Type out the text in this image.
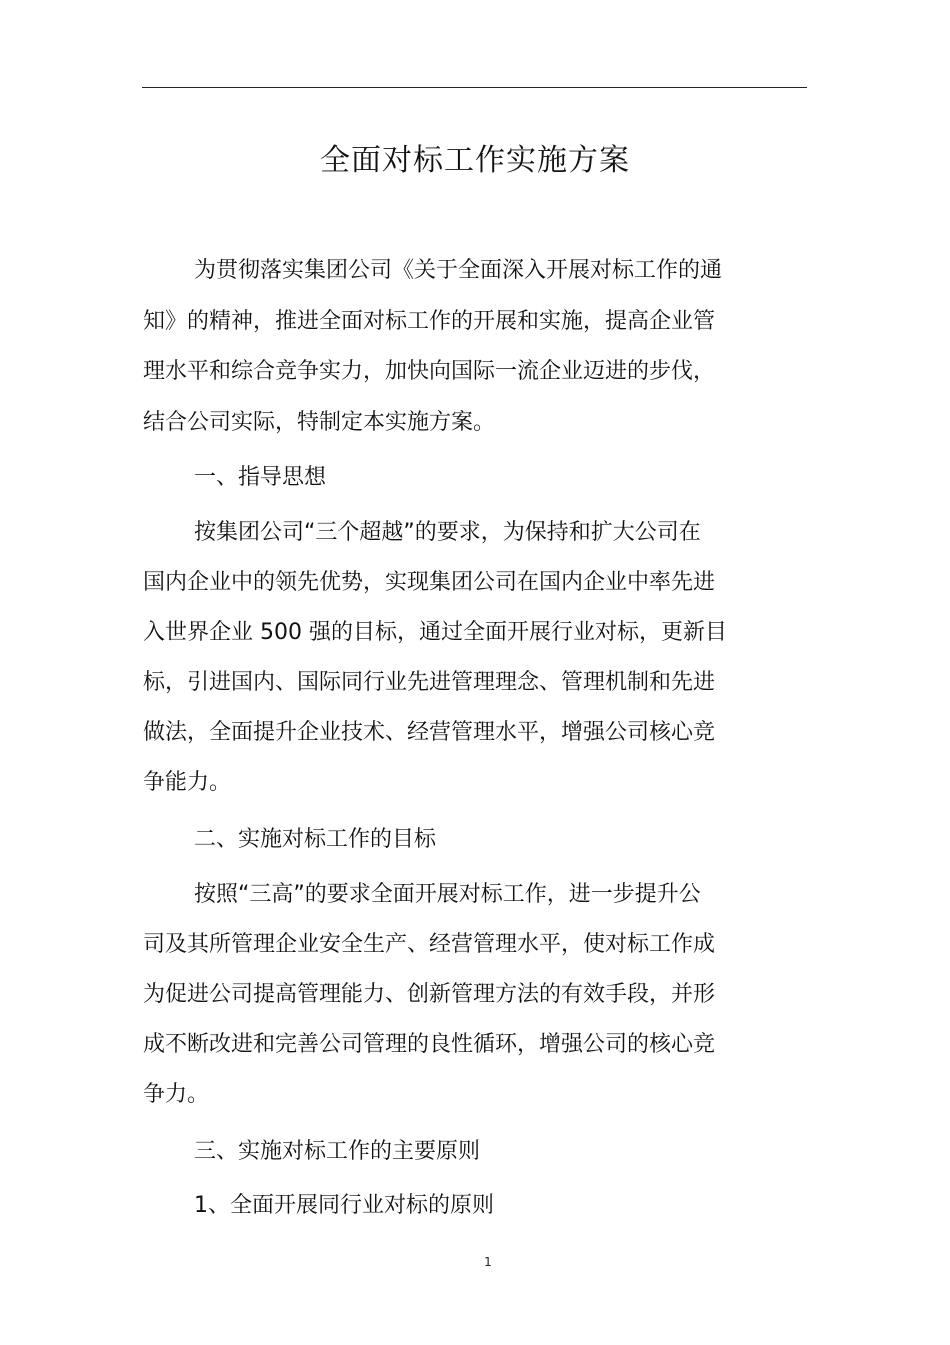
全面对标工作实施方案
为贯彻落实集团公司《关于全面深入开展对标工作的通
知》的精神，推进全面对标工作的开展和实施，提高企业管
理水平和综合竞争实力，加快向国际一流企业迈进的步伐，
结合公司实际，特制定本实施方案。
一、指导思想
按集团公司“三个超越”的要求，为保持和扩大公司在
国内企业中的领先优势，实现集团公司在国内企业中率先进
入世界企业 500 强的目标，通过全面开展行业对标，更新目
标，引进国内、国际同行业先进管理理念、管理机制和先进
做法，全面提升企业技术、经营管理水平，增强公司核心竞
争能力。
二、实施对标工作的目标
按照“三高”的要求全面开展对标工作，进一步提升公
司及其所管理企业安全生产、经营管理水平，使对标工作成
为促进公司提高管理能力、创新管理方法的有效手段，并形
成不断改进和完善公司管理的良性循环，增强公司的核心竞
争力。
三、实施对标工作的主要原则
1、全面开展同行业对标的原则
1
